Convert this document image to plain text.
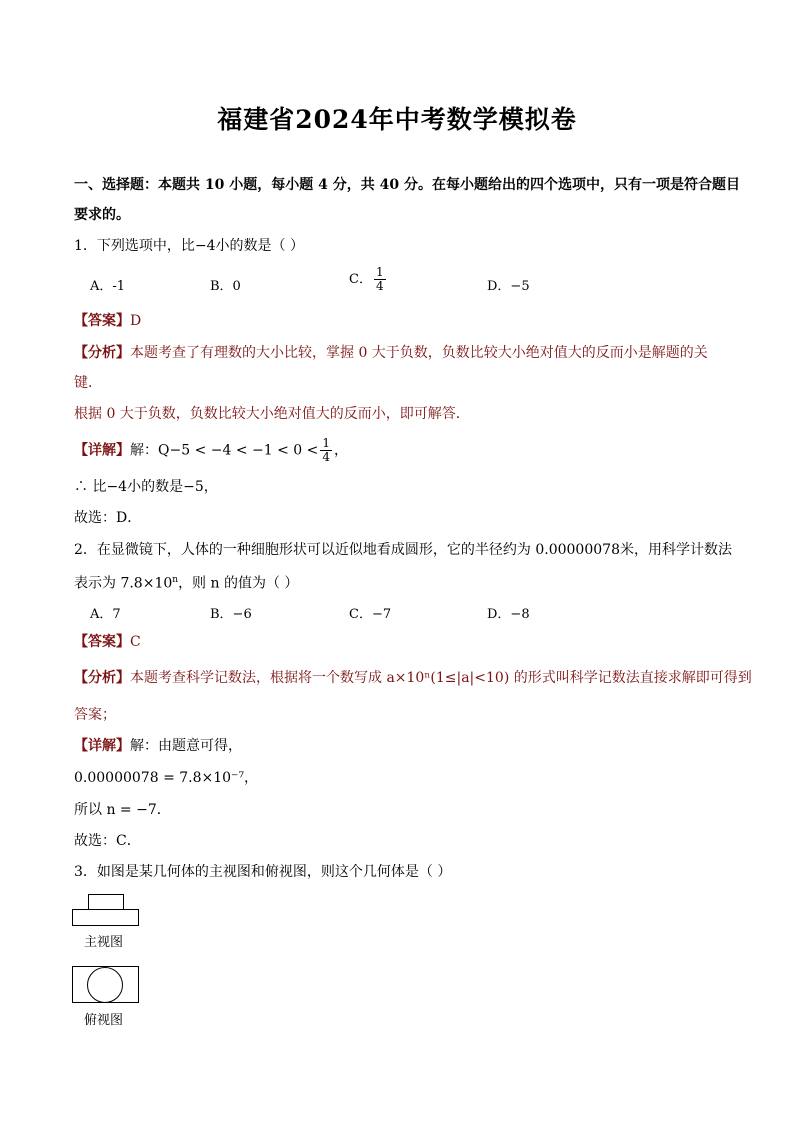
福建省2024年中考数学模拟卷
一、选择题：本题共 10 小题，每小题 4 分，共 40 分。在每小题给出的四个选项中，只有一项是符合题目
要求的。
1．下列选项中，比−4小的数是（ ）
A．-1	B．0	C． $\frac{1}{4}$	D．−5
【答案】D
【分析】本题考查了有理数的大小比较，掌握 0 大于负数，负数比较大小绝对值大的反而小是解题的关
键．
根据 0 大于负数，负数比较大小绝对值大的反而小，即可解答．
【详解】解：$Q-5 < -4 < -1 < 0 < \frac{1}{4}$ ，
∴ 比−4小的数是−5，
故选：D．
2．在显微镜下，人体的一种细胞形状可以近似地看成圆形，它的半径约为 0.00000078米，用科学计数法
表示为 $7.8\times 10^n$，则 n 的值为（ ）
A．7	B．−6	C．−7	D．−8
【答案】C
【分析】本题考查科学记数法，根据将一个数写成 a×10ⁿ(1≤|a|<10) 的形式叫科学记数法直接求解即可得到
答案；
【详解】解：由题意可得，
0.00000078 = 7.8×10⁻⁷，
所以 n = −7．
故选：C．
3．如图是某几何体的主视图和俯视图，则这个几何体是（ ）
主视图
俯视图
